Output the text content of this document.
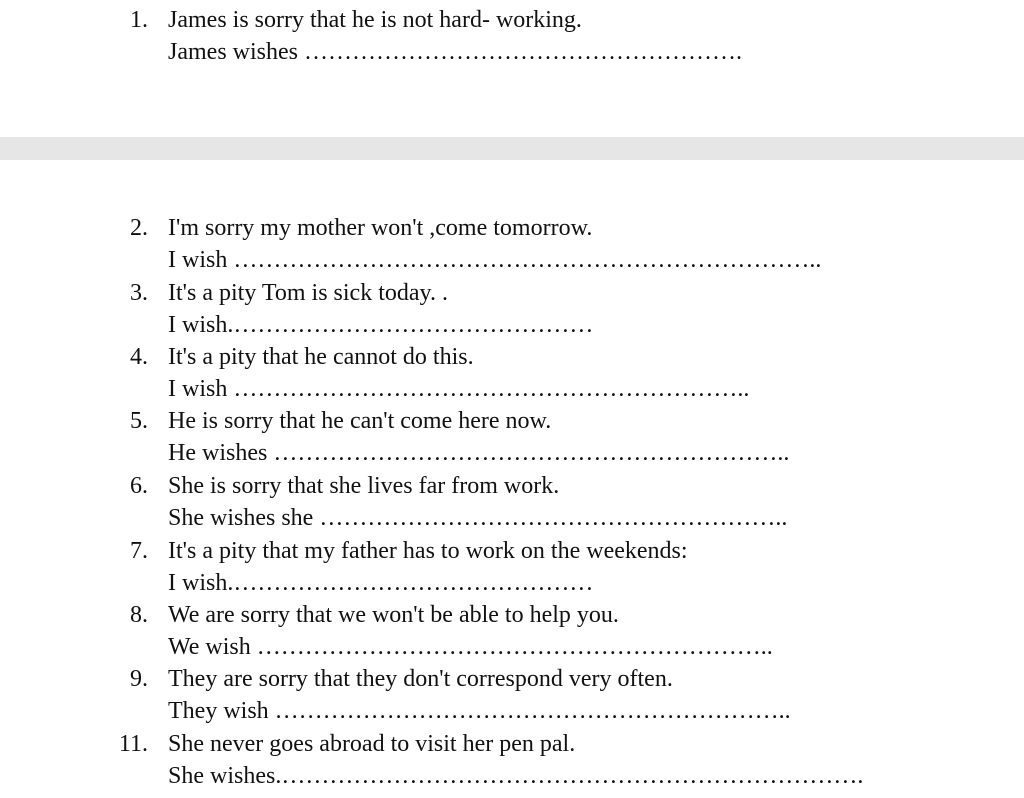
1. James is sorry that he is not hard- working.
James wishes ……………………………………………….
2. I'm sorry my mother won't ,come tomorrow.
I wish ………………………………………………………………..
3. It's a pity Tom is sick today. .
I wish.………………………………………
4. It's a pity that he cannot do this.
I wish ………………………………………………………..
5. He is sorry that he can't come here now.
He wishes ………………………………………………………..
6. She is sorry that she lives far from work.
She wishes she …………………………………………………..
7. It's a pity that my father has to work on the weekends:
I wish.………………………………………
8. We are sorry that we won't be able to help you.
We wish ………………………………………………………..
9. They are sorry that they don't correspond very often.
They wish ………………………………………………………..
11. She never goes abroad to visit her pen pal.
She wishes.……………………………………………………………….
